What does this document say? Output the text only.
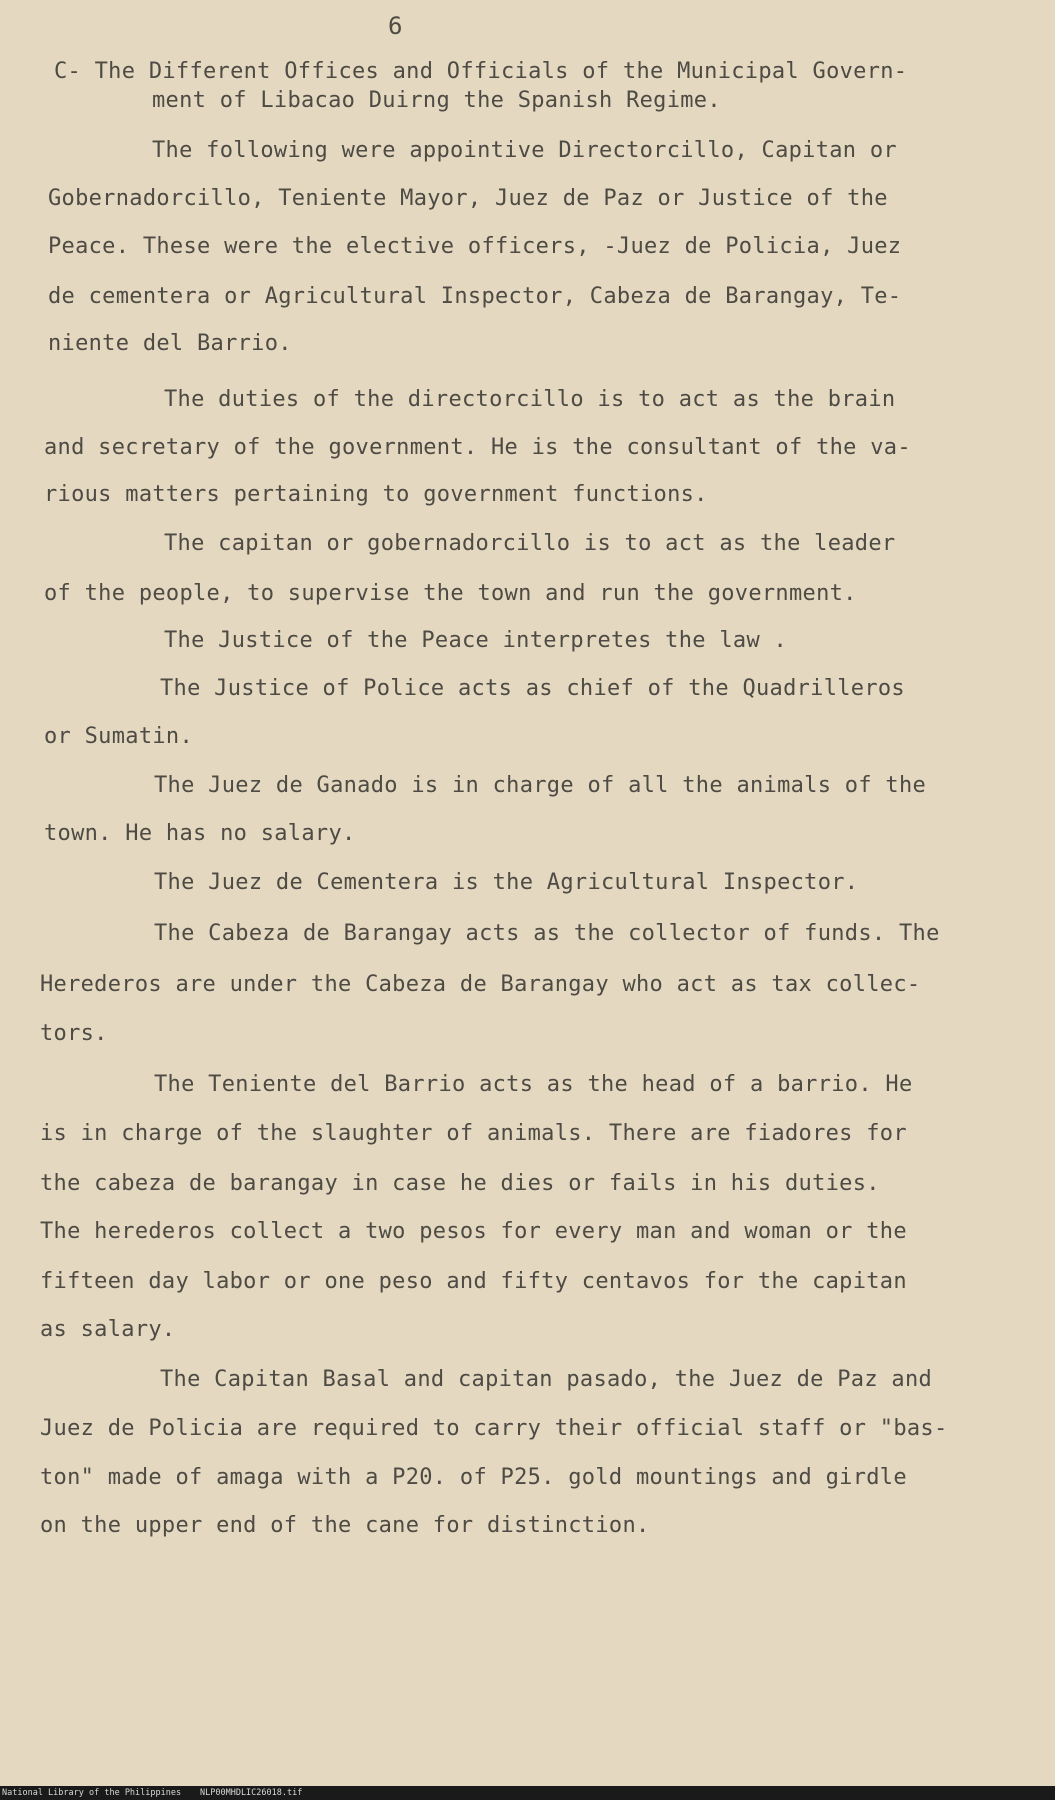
6
C- The Different Offices and Officials of the Municipal Govern-
ment of Libacao Duirng the Spanish Regime.
The following were appointive Directorcillo, Capitan or
Gobernadorcillo, Teniente Mayor, Juez de Paz or Justice of the
Peace. These were the elective officers, -Juez de Policia, Juez
de cementera or Agricultural Inspector, Cabeza de Barangay, Te-
niente del Barrio.
The duties of the directorcillo is to act as the brain
and secretary of the government. He is the consultant of the va-
rious matters pertaining to government functions.
The capitan or gobernadorcillo is to act as the leader
of the people, to supervise the town and run the government.
The Justice of the Peace interpretes the law .
The Justice of Police acts as chief of the Quadrilleros
or Sumatin.
The Juez de Ganado is in charge of all the animals of the
town. He has no salary.
The Juez de Cementera is the Agricultural Inspector.
The Cabeza de Barangay acts as the collector of funds. The
Herederos are under the Cabeza de Barangay who act as tax collec-
tors.
The Teniente del Barrio acts as the head of a barrio. He
is in charge of the slaughter of animals. There are fiadores for
the cabeza de barangay in case he dies or fails in his duties.
The herederos collect a two pesos for every man and woman or the
fifteen day labor or one peso and fifty centavos for the capitan
as salary.
The Capitan Basal and capitan pasado, the Juez de Paz and
Juez de Policia are required to carry their official staff or "bas-
ton" made of amaga with a P20. of P25. gold mountings and girdle
on the upper end of the cane for distinction.
National Library of the Philippines NLP00MHDLIC26018.tif
